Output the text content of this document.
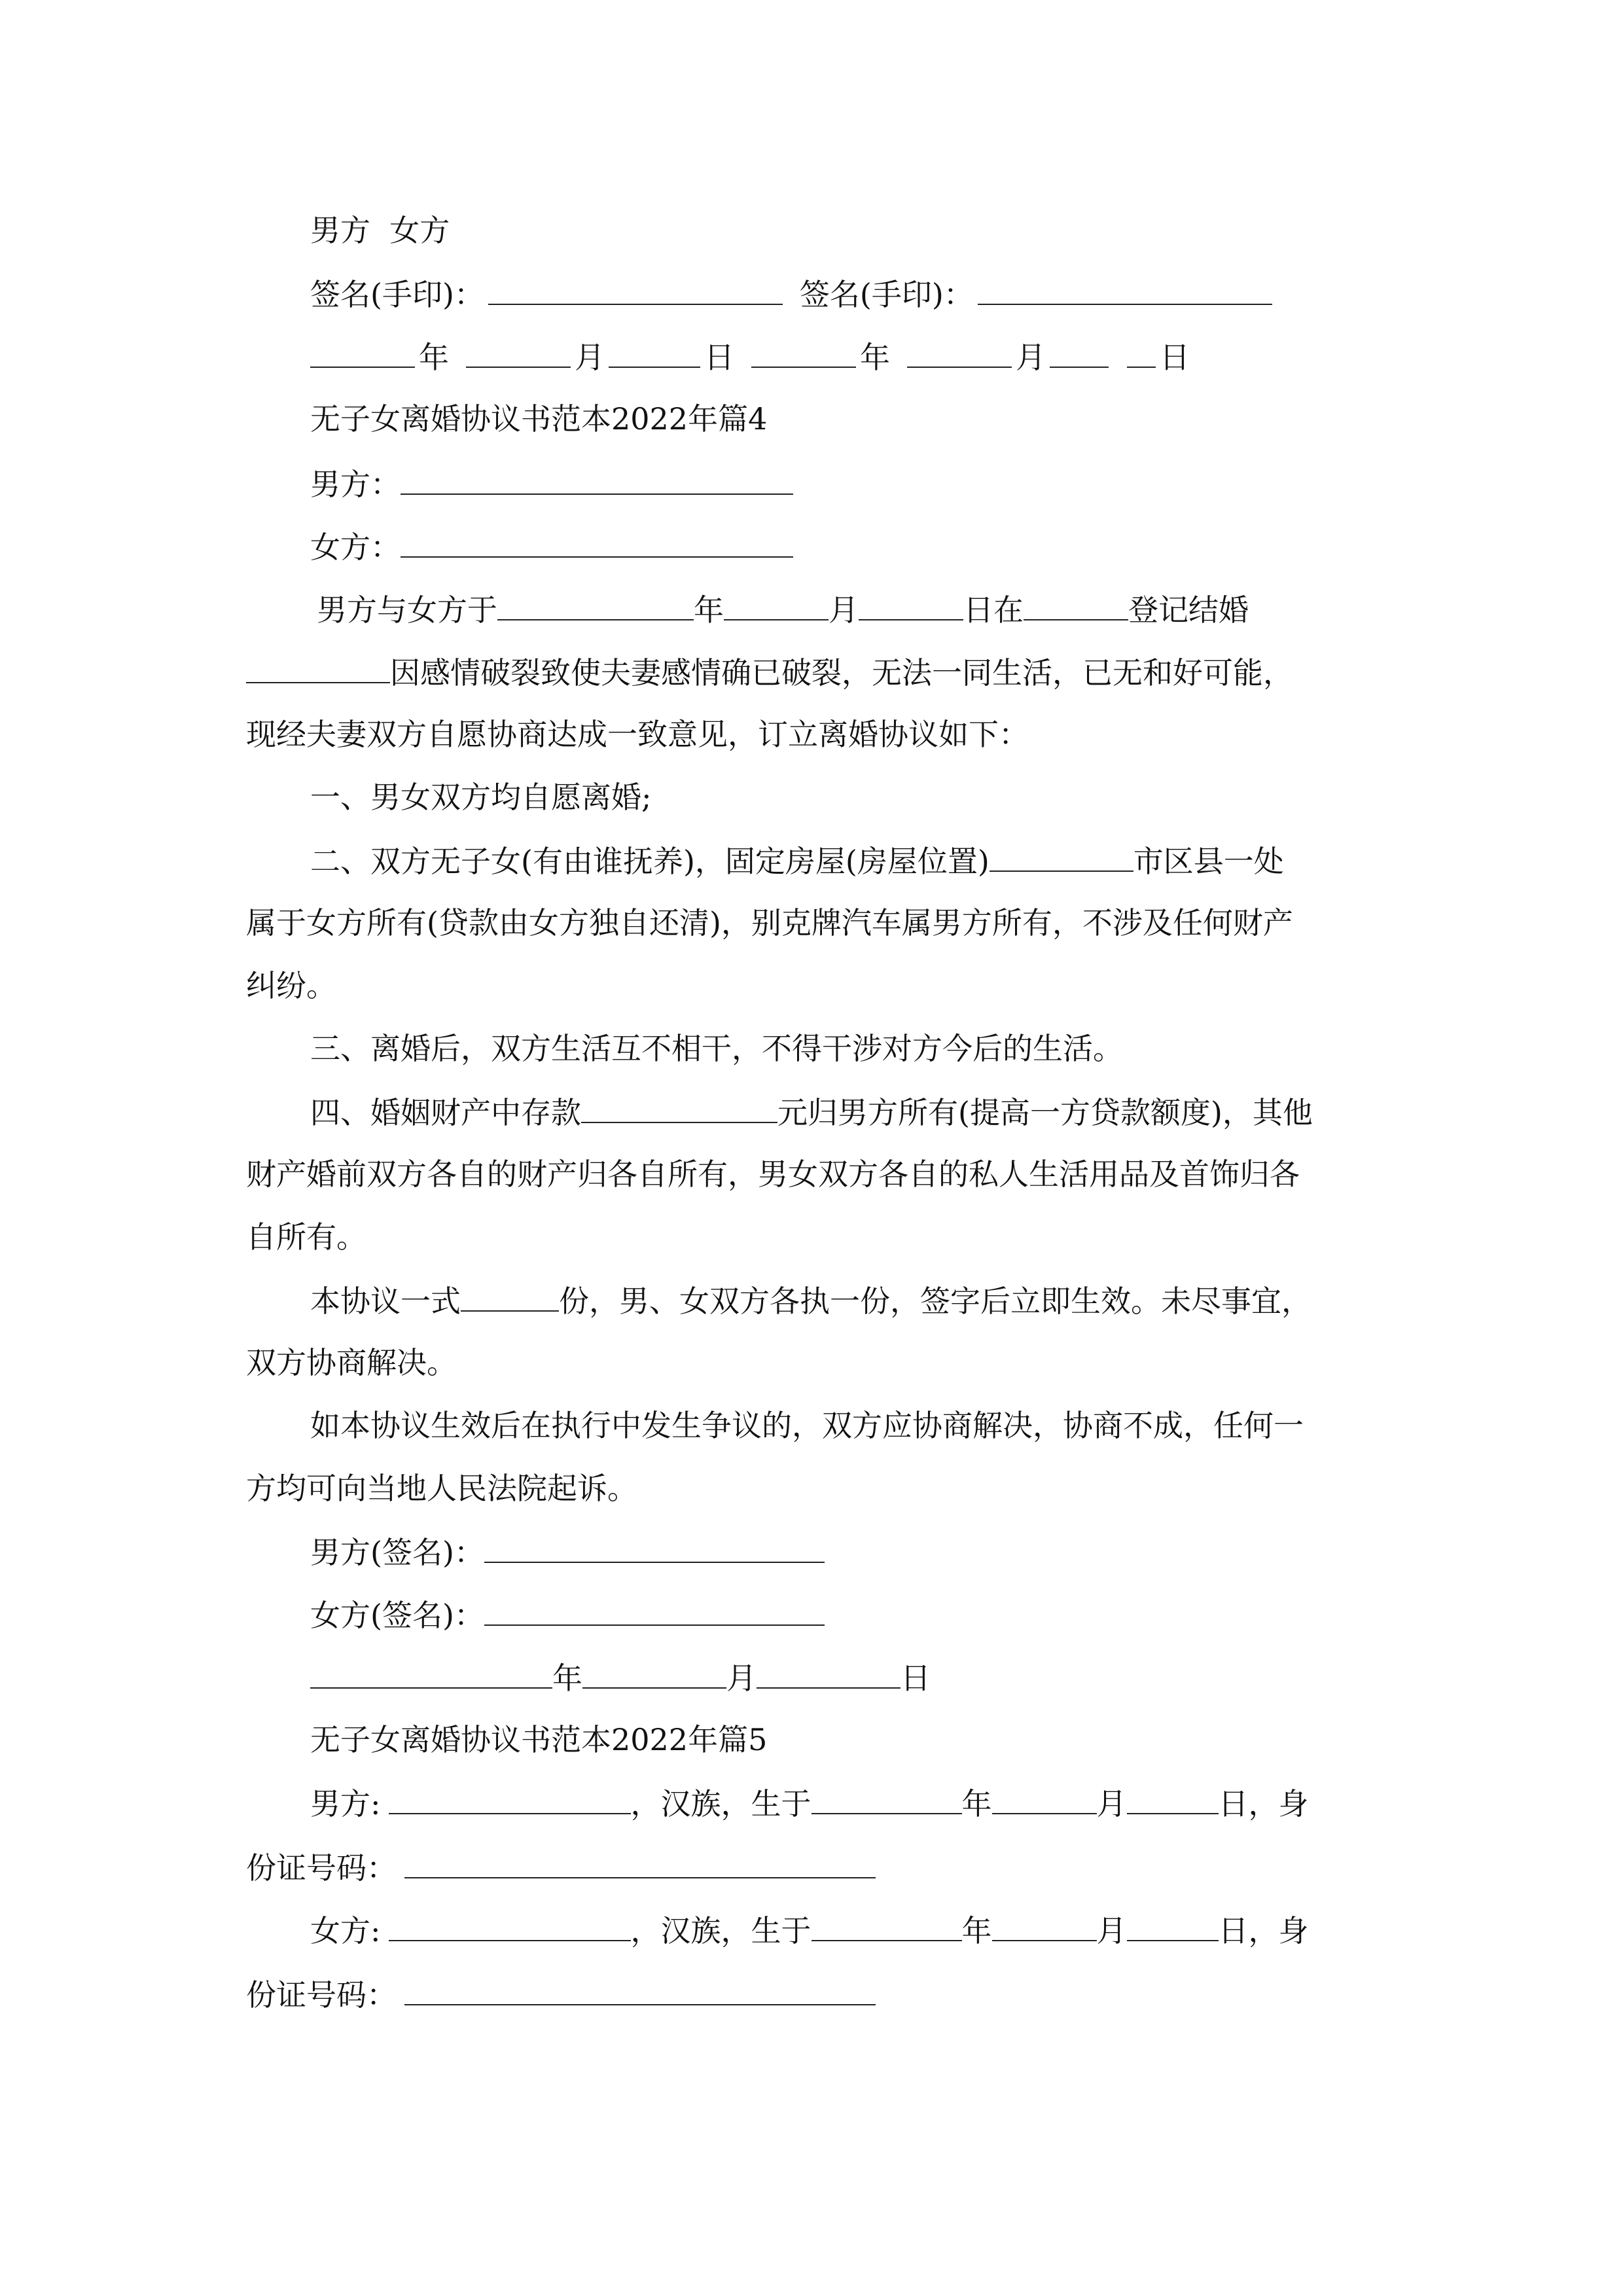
男方  女方
签名(手印)：	签名(手印)：
年	月	日	年	月	日
无子女离婚协议书范本2022年篇4
男方：
女方：
男方与女方于	年	月	日在	登记结婚
因感情破裂致使夫妻感情确已破裂，无法一同生活，已无和好可能，
现经夫妻双方自愿协商达成一致意见，订立离婚协议如下：
一、男女双方均自愿离婚;
二、双方无子女(有由谁抚养)，固定房屋(房屋位置)	市区县一处
属于女方所有(贷款由女方独自还清)，别克牌汽车属男方所有，不涉及任何财产
纠纷。
三、离婚后，双方生活互不相干，不得干涉对方今后的生活。
四、婚姻财产中存款	元归男方所有(提高一方贷款额度)，其他
财产婚前双方各自的财产归各自所有，男女双方各自的私人生活用品及首饰归各
自所有。
本协议一式	份，男、女双方各执一份，签字后立即生效。未尽事宜，
双方协商解决。
如本协议生效后在执行中发生争议的，双方应协商解决，协商不成，任何一
方均可向当地人民法院起诉。
男方(签名)：
女方(签名)：
年	月	日
无子女离婚协议书范本2022年篇5
男方:	，汉族，生于	年	月	日，身
份证号码：
女方:	，汉族，生于	年	月	日，身
份证号码：
